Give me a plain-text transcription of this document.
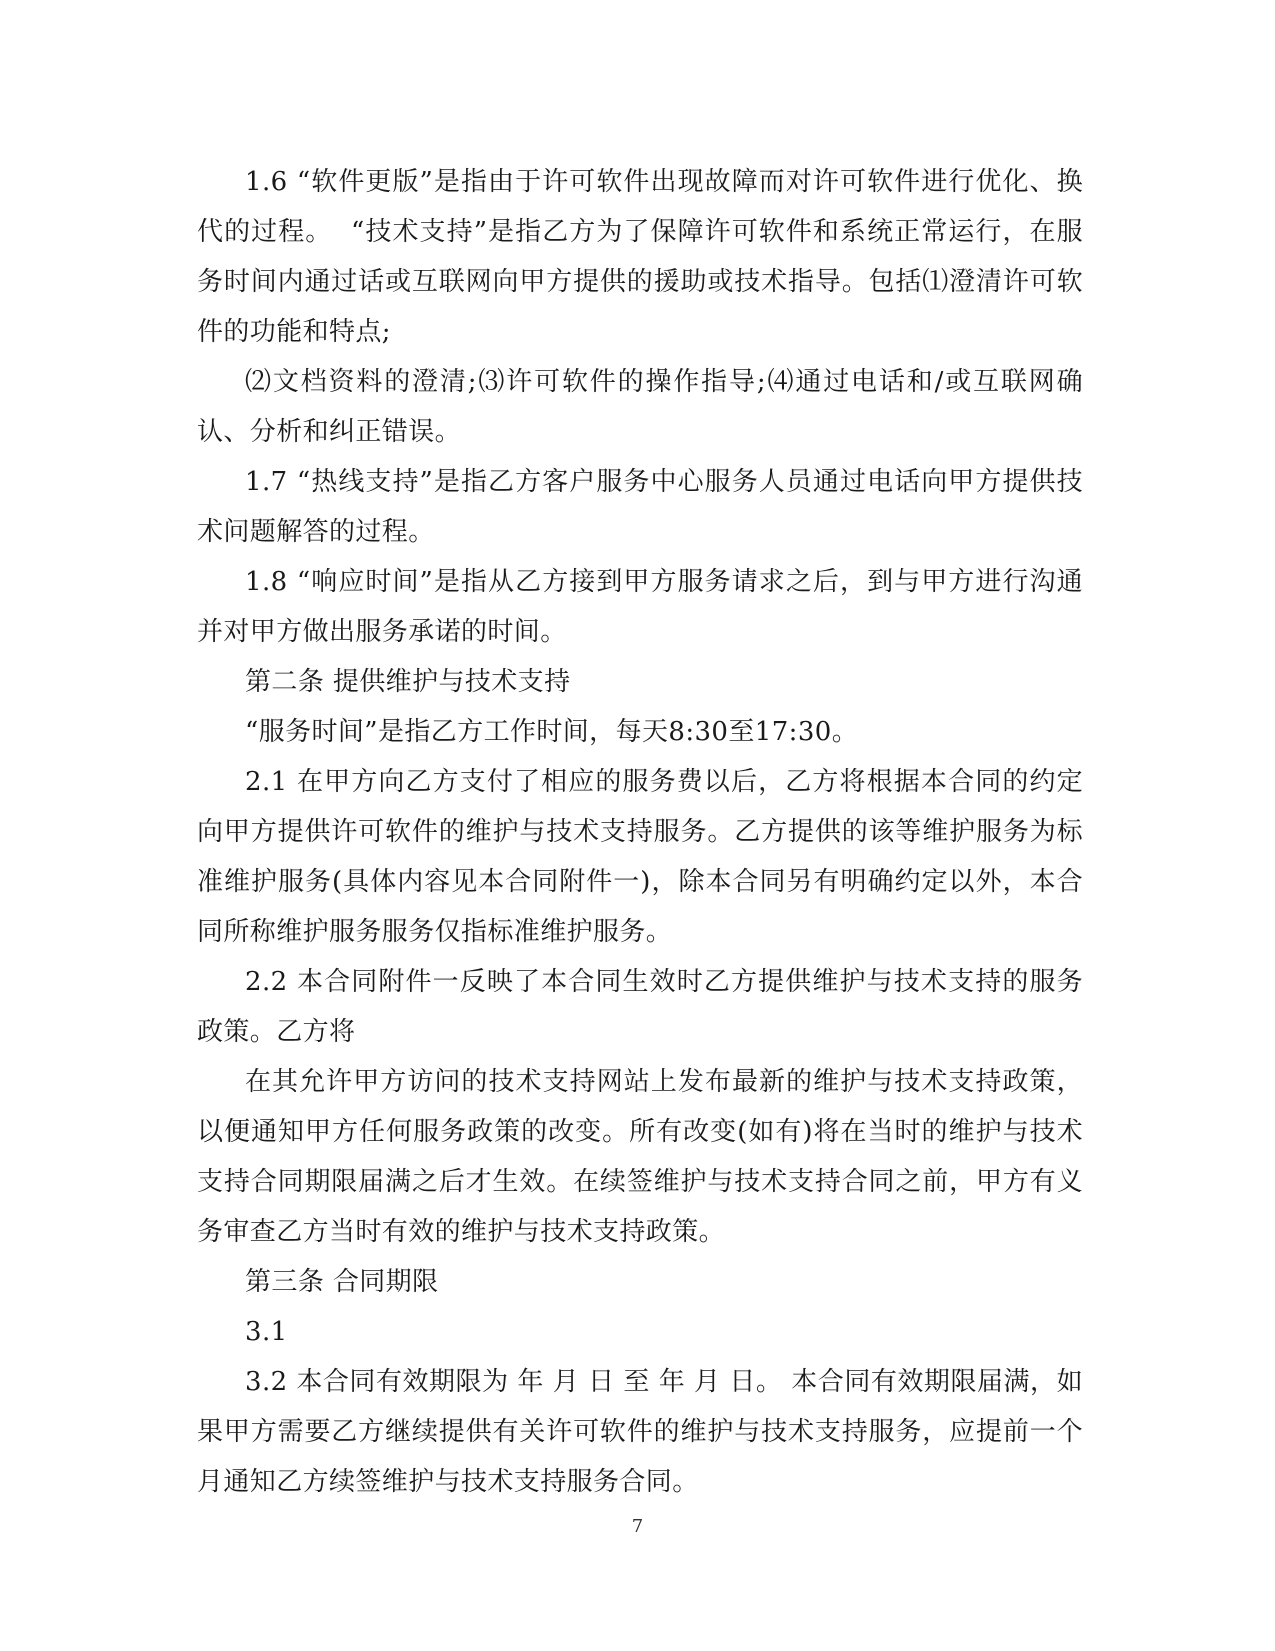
1.6 “软件更版”是指由于许可软件出现故障而对许可软件进行优化、换代的过程。  “技术支持”是指乙方为了保障许可软件和系统正常运行，在服务时间内通过话或互联网向甲方提供的援助或技术指导。包括⑴澄清许可软件的功能和特点;

⑵文档资料的澄清;⑶许可软件的操作指导;⑷通过电话和/或互联网确认、分析和纠正错误。

1.7 “热线支持”是指乙方客户服务中心服务人员通过电话向甲方提供技术问题解答的过程。

1.8 “响应时间”是指从乙方接到甲方服务请求之后，到与甲方进行沟通并对甲方做出服务承诺的时间。

第二条 提供维护与技术支持

“服务时间”是指乙方工作时间，每天8:30至17:30。

2.1 在甲方向乙方支付了相应的服务费以后，乙方将根据本合同的约定向甲方提供许可软件的维护与技术支持服务。乙方提供的该等维护服务为标准维护服务(具体内容见本合同附件一)，除本合同另有明确约定以外，本合同所称维护服务服务仅指标准维护服务。

2.2 本合同附件一反映了本合同生效时乙方提供维护与技术支持的服务政策。乙方将

在其允许甲方访问的技术支持网站上发布最新的维护与技术支持政策，以便通知甲方任何服务政策的改变。所有改变(如有)将在当时的维护与技术支持合同期限届满之后才生效。在续签维护与技术支持合同之前，甲方有义务审查乙方当时有效的维护与技术支持政策。

第三条 合同期限

3.1

3.2 本合同有效期限为 年 月 日 至 年 月 日。 本合同有效期限届满，如果甲方需要乙方继续提供有关许可软件的维护与技术支持服务，应提前一个月通知乙方续签维护与技术支持服务合同。

7
